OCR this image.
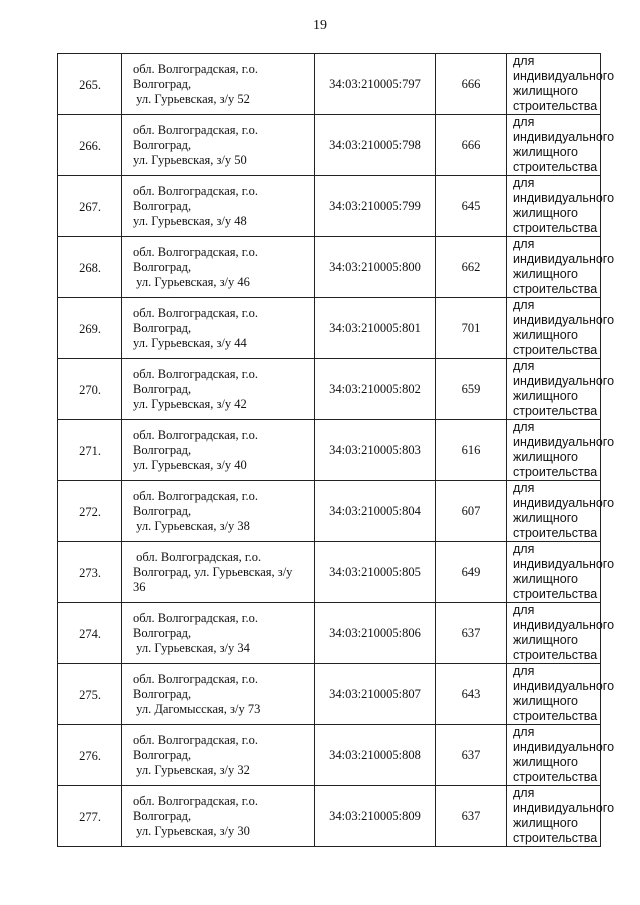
19
265.	обл. Волгоградская, г.о.
Волгоград,
ул. Гурьевская, з/у 52	34:03:210005:797	666	для
индивидуального
жилищного
строительства

266.	обл. Волгоградская, г.о.
Волгоград,
ул. Гурьевская, з/у 50	34:03:210005:798	666	для
индивидуального
жилищного
строительства

267.	обл. Волгоградская, г.о.
Волгоград,
ул. Гурьевская, з/у 48	34:03:210005:799	645	для
индивидуального
жилищного
строительства

268.	обл. Волгоградская, г.о.
Волгоград,
ул. Гурьевская, з/у 46	34:03:210005:800	662	для
индивидуального
жилищного
строительства

269.	обл. Волгоградская, г.о.
Волгоград,
ул. Гурьевская, з/у 44	34:03:210005:801	701	для
индивидуального
жилищного
строительства

270.	обл. Волгоградская, г.о.
Волгоград,
ул. Гурьевская, з/у 42	34:03:210005:802	659	для
индивидуального
жилищного
строительства

271.	обл. Волгоградская, г.о.
Волгоград,
ул. Гурьевская, з/у 40	34:03:210005:803	616	для
индивидуального
жилищного
строительства

272.	обл. Волгоградская, г.о.
Волгоград,
ул. Гурьевская, з/у 38	34:03:210005:804	607	для
индивидуального
жилищного
строительства

273.	обл. Волгоградская, г.о.
Волгоград, ул. Гурьевская, з/у
36	34:03:210005:805	649	для
индивидуального
жилищного
строительства

274.	обл. Волгоградская, г.о.
Волгоград,
ул. Гурьевская, з/у 34	34:03:210005:806	637	для
индивидуального
жилищного
строительства

275.	обл. Волгоградская, г.о.
Волгоград,
ул. Дагомысская, з/у 73	34:03:210005:807	643	для
индивидуального
жилищного
строительства

276.	обл. Волгоградская, г.о.
Волгоград,
ул. Гурьевская, з/у 32	34:03:210005:808	637	для
индивидуального
жилищного
строительства

277.	обл. Волгоградская, г.о.
Волгоград,
ул. Гурьевская, з/у 30	34:03:210005:809	637	для
индивидуального
жилищного
строительства
